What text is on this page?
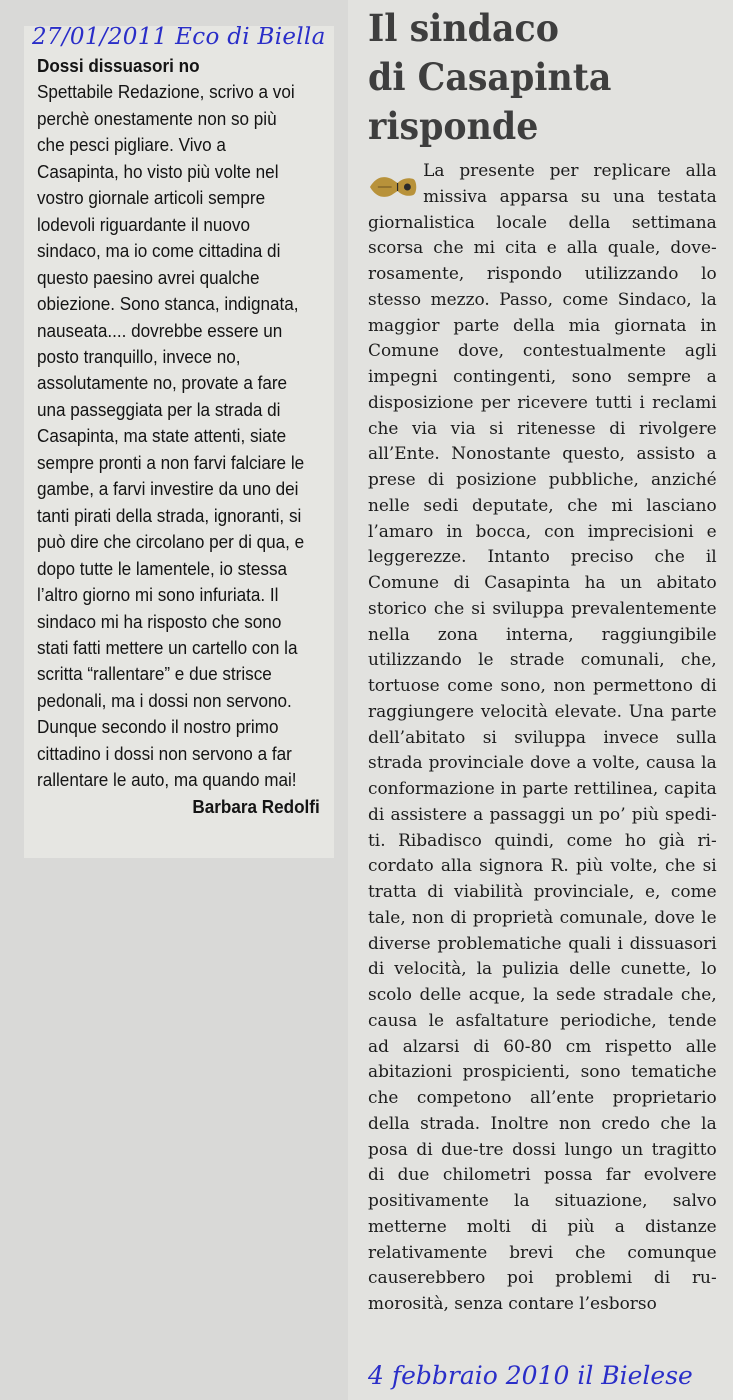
27/01/2011 Eco di Biella

Dossi dissuasori no

Spettabile Redazione, scrivo a voi perchè onestamente non so più che pesci pigliare. Vivo a Casapinta, ho visto più volte nel vostro giornale articoli sempre lodevoli riguardante il nuovo sindaco, ma io come cittadina di questo paesino avrei qualche obiezione. Sono stanca, indignata, nauseata.... dovrebbe essere un posto tranquillo, invece no, assolutamente no, provate a fare una passeggiata per la strada di Casapinta, ma state attenti, siate sempre pronti a non farvi falciare le gambe, a farvi investire da uno dei tanti pirati della strada, ignoranti, si può dire che circolano per di qua, e dopo tutte le lamentele, io stessa l’altro giorno mi sono infuriata. Il sindaco mi ha risposto che sono stati fatti mettere un cartello con la scritta “rallentare” e due strisce pedonali, ma i dossi non servono. Dunque secondo il nostro primo cittadino i dossi non servono a far rallentare le auto, ma quando mai!

Barbara Redolfi

Il sindaco
di Casapinta
risponde

La presente per replicare alla missiva apparsa su una testata giornalistica locale della settimana scorsa che mi cita e alla quale, doverosamente, rispondo utilizzando lo stesso mezzo. Passo, come Sindaco, la maggior parte della mia giornata in Comune dove, contestualmente agli impegni contingenti, sono sempre a disposizione per ricevere tutti i reclami che via via si ritenesse di rivolgere all’Ente. Nonostante questo, assisto a prese di posizione pubbliche, anziché nelle sedi deputate, che mi lasciano l’amaro in bocca, con imprecisioni e leggerezze. Intanto preciso che il Comune di Casapinta ha un abitato storico che si sviluppa prevalentemente nella zona interna, raggiungibile utilizzando le strade comunali, che, tortuose come sono, non permettono di raggiungere velocità elevate. Una parte dell’abitato si sviluppa invece sulla strada provinciale dove a volte, causa la conformazione in parte rettilinea, capita di assistere a passaggi un po’ più spediti. Ribadisco quindi, come ho già ricordato alla signora R. più volte, che si tratta di viabilità provinciale, e, come tale, non di proprietà comunale, dove le diverse problematiche quali i dissuasori di velocità, la pulizia delle cunette, lo scolo delle acque, la sede stradale che, causa le asfaltature periodiche, tende ad alzarsi di 60-80 cm rispetto alle abitazioni prospicienti, sono tematiche che competono all’ente proprietario della strada. Inoltre non credo che la posa di due-tre dossi lungo un tragitto di due chilometri possa far evolvere positivamente la situazione, salvo metterne molti di più a distanze relativamente brevi che comunque causerebbero poi problemi di rumorosità, senza contare l’esborso

4 febbraio 2010 il Bielese
